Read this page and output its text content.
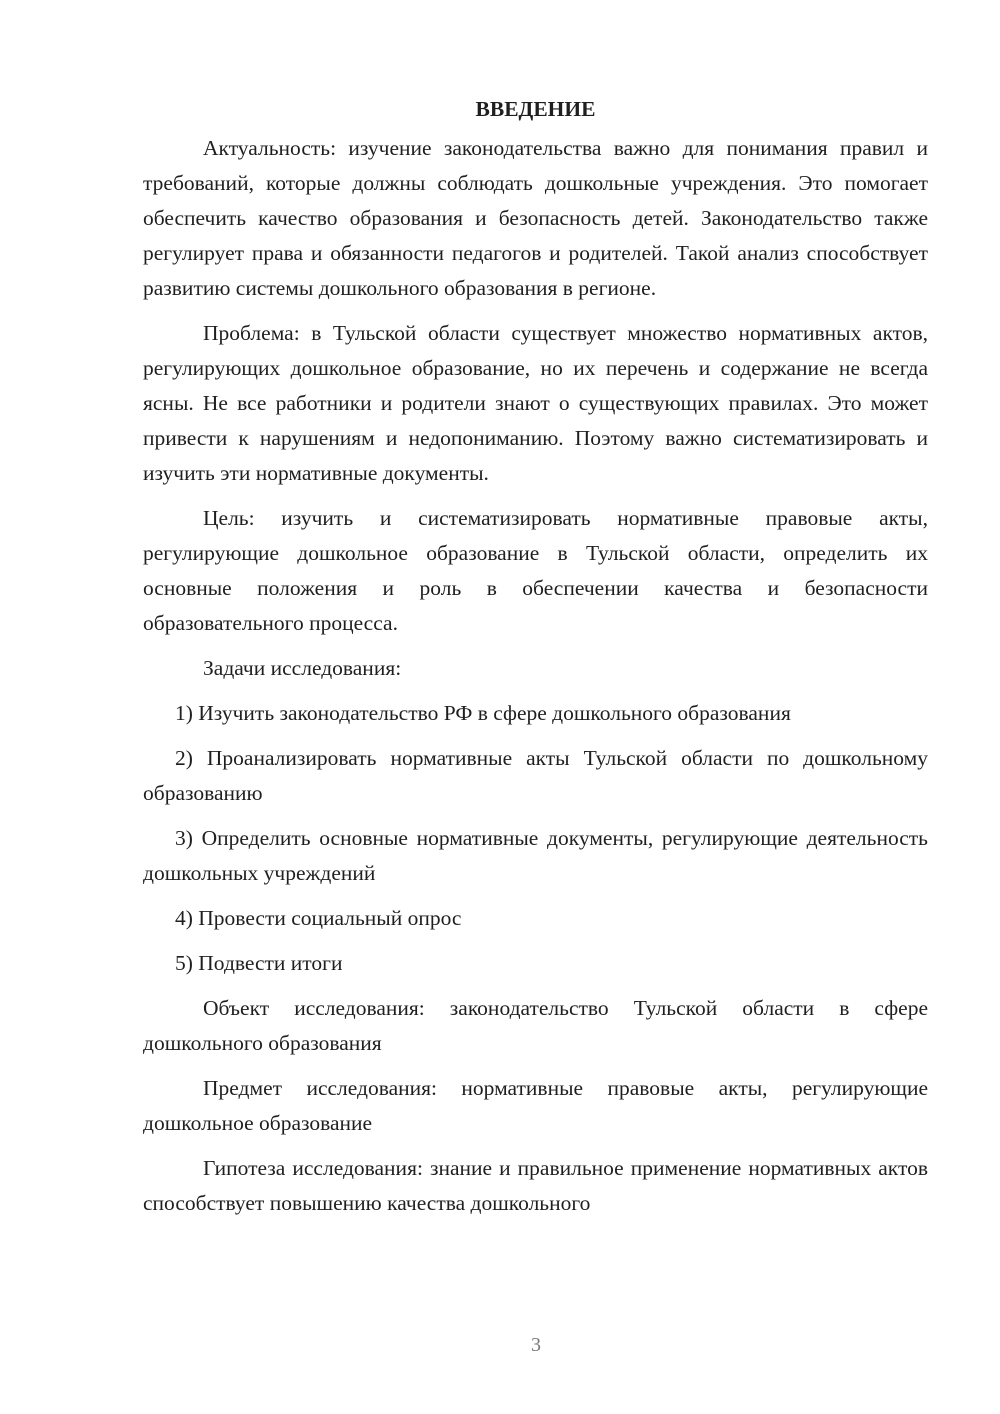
ВВЕДЕНИЕ

Актуальность: изучение законодательства важно для понимания правил и требований, которые должны соблюдать дошкольные учреждения. Это помогает обеспечить качество образования и безопасность детей. Законодательство также регулирует права и обязанности педагогов и родителей. Такой анализ способствует развитию системы дошкольного образования в регионе.

Проблема: в Тульской области существует множество нормативных актов, регулирующих дошкольное образование, но их перечень и содержание не всегда ясны. Не все работники и родители знают о существующих правилах. Это может привести к нарушениям и недопониманию. Поэтому важно систематизировать и изучить эти нормативные документы.

Цель: изучить и систематизировать нормативные правовые акты, регулирующие дошкольное образование в Тульской области, определить их основные положения и роль в обеспечении качества и безопасности образовательного процесса.

Задачи исследования:

1) Изучить законодательство РФ в сфере дошкольного образования

2) Проанализировать нормативные акты Тульской области по дошкольному образованию

3) Определить основные нормативные документы, регулирующие деятельность дошкольных учреждений

4) Провести социальный опрос

5) Подвести итоги

Объект исследования: законодательство Тульской области в сфере дошкольного образования

Предмет исследования: нормативные правовые акты, регулирующие дошкольное образование

Гипотеза исследования: знание и правильное применение нормативных актов способствует повышению качества дошкольного

3
